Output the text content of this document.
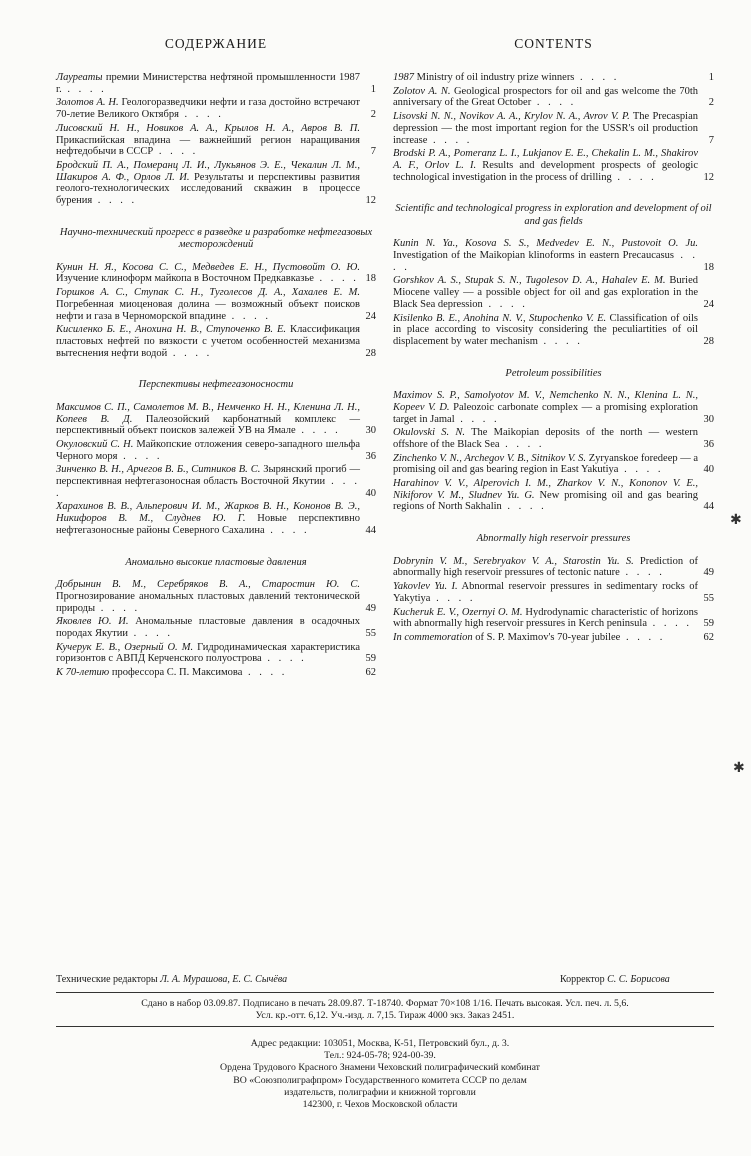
СОДЕРЖАНИЕ
Лауреаты премии Министерства нефтяной промышленности 1987 г. . . . .	1
Золотов А. Н. Геологоразведчики нефти и газа достойно встречают 70-летие Великого Октября . . . .	2
Лисовский Н. Н., Новиков А. А., Крылов Н. А., Авров В. П. Прикаспийская впадина — важнейший регион наращивания нефтедобычи в СССР . . . .	7
Бродский П. А., Померанц Л. И., Лукьянов Э. Е., Чекалин Л. М., Шакиров А. Ф., Орлов Л. И. Результаты и перспективы развития геолого-технологических исследований скважин в процессе бурения . . . .	12
Научно-технический прогресс в разведке и разработке нефтегазовых месторождений
Кунин Н. Я., Косова С. С., Медведев Е. Н., Пустовойт О. Ю. Изучение клиноформ майкопа в Восточном Предкавказье . . . . 18
Горшков А. С., Ступак С. Н., Туголесов Д. А., Хахалев Е. М. Погребенная миоценовая долина — возможный объект поисков нефти и газа в Черноморской впадине . . . .	24
Кисиленко Б. Е., Анохина Н. В., Ступоченко В. Е. Классификация пластовых нефтей по вязкости с учетом особенностей механизма вытеснения нефти водой . . . .	28
Перспективы нефтегазоносности
Максимов С. П., Самолетов М. В., Немченко Н. Н., Кленина Л. Н., Копеев В. Д. Палеозойский карбонатный комплекс — перспективный объект поисков залежей УВ на Ямале . . . .	30
Окуловский С. Н. Майкопские отложения северо-западного шельфа Черного моря . . . .	36
Зинченко В. Н., Арчегов В. Б., Ситников В. С. Зырянский прогиб — перспективная нефтегазоносная область Восточной Якутии . . . .	40
Харахинов В. В., Альперович И. М., Жарков В. Н., Кононов В. Э., Никифоров В. М., Слуднев Ю. Г. Новые перспективно нефтегазоносные районы Северного Сахалина . . . .	44
Аномально высокие пластовые давления
Добрынин В. М., Серебряков В. А., Старостин Ю. С. Прогнозирование аномальных пластовых давлений тектонической природы . . . .	49
Яковлев Ю. И. Аномальные пластовые давления в осадочных породах Якутии . . . .	55
Кучерук Е. В., Озерный О. М. Гидродинамическая характеристика горизонтов с АВПД Керченского полуострова . . . .	59
К 70-летию профессора С. П. Максимова . . . .	62
CONTENTS
1987 Ministry of oil industry prize winners . . . .	1
Zolotov A. N. Geological prospectors for oil and gas welcome the 70th anniversary of the Great October . . . .	2
Lisovski N. N., Novikov A. A., Krylov N. A., Avrov V. P. The Precaspian depression — the most important region for the USSR's oil production increase . . . .	7
Brodski P. A., Pomeranz L. I., Lukjanov E. E., Chekalin L. M., Shakirov A. F., Orlov L. I. Results and development prospects of geologic technological investigation in the process of drilling . . . .	12
Scientific and technological progress in exploration and development of oil and gas fields
Kunin N. Ya., Kosova S. S., Medvedev E. N., Pustovoit O. Ju. Investigation of the Maikopian klinoforms in eastern Precaucasus . . . .	18
Gorshkov A. S., Stupak S. N., Tugolesov D. A., Hahalev E. M. Buried Miocene valley — a possible object for oil and gas exploration in the Black Sea depression . . . .	24
Kisilenko B. E., Anohina N. V., Stupochenko V. E. Classification of oils in place according to viscosity considering the peculiartities of oil displacement by water mechanism . . . .	28
Petroleum possibilities
Maximov S. P., Samolyotov M. V., Nemchenko N. N., Klenina L. N., Kopeev V. D. Paleozoic carbonate complex — a promising exploration target in Jamal . . . .	30
Okulovski S. N. The Maikopian deposits of the north — western offshore of the Black Sea . . . .	36
Zinchenko V. N., Archegov V. B., Sitnikov V. S. Zyryanskoe foredeep — a promising oil and gas bearing region in East Yakutiya . . . .	40
Harahinov V. V., Alperovich I. M., Zharkov V. N., Kononov V. E., Nikiforov V. M., Sludnev Yu. G. New promising oil and gas bearing regions of North Sakhalin . . . .	44
Abnormally high reservoir pressures
Dobrynin V. M., Serebryakov V. A., Starostin Yu. S. Prediction of abnormally high reservoir pressures of tectonic nature . . . .	49
Yakovlev Yu. I. Abnormal reservoir pressures in sedimentary rocks of Yakytiya . . . .	55
Kucheruk E. V., Ozernyi O. M. Hydrodynamic characteristic of horizons with abnormally high reservoir pressures in Kerch peninsula . . . .	59
In commemoration of S. P. Maximov's 70-year jubilee . . . .	62
✱
✱
Технические редакторы Л. А. Мурашова, Е. С. Сычёва	Корректор С. С. Борисова
Сдано в набор 03.09.87. Подписано в печать 28.09.87. Т-18740. Формат 70×108 1/16. Печать высокая. Усл. печ. л. 5,6.
Усл. кр.-отт. 6,12. Уч.-изд. л. 7,15. Тираж 4000 экз. Заказ 2451.
Адрес редакции: 103051, Москва, К-51, Петровский бул., д. 3.
Тел.: 924-05-78; 924-00-39.
Ордена Трудового Красного Знамени Чеховский полиграфический комбинат
ВО «Союзполиграфпром» Государственного комитета СССР по делам
издательств, полиграфии и книжной торговли
142300, г. Чехов Московской области
